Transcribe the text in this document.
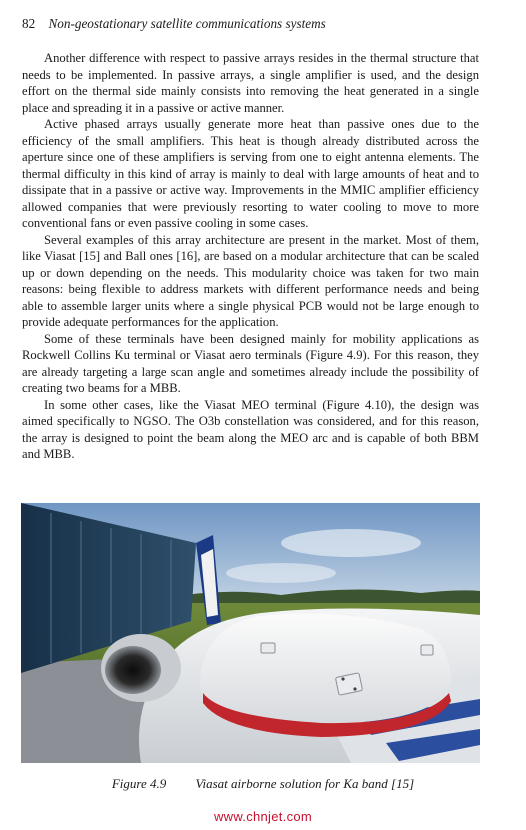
82 Non-geostationary satellite communications systems

Another difference with respect to passive arrays resides in the thermal structure that needs to be implemented. In passive arrays, a single amplifier is used, and the design effort on the thermal side mainly consists into removing the heat generated in a single place and spreading it in a passive or active manner.

Active phased arrays usually generate more heat than passive ones due to the efficiency of the small amplifiers. This heat is though already distributed across the aperture since one of these amplifiers is serving from one to eight antenna elements. The thermal difficulty in this kind of array is mainly to deal with large amounts of heat and to dissipate that in a passive or active way. Improvements in the MMIC amplifier efficiency allowed companies that were previously resorting to water cooling to move to more conventional fans or even passive cooling in some cases.

Several examples of this array architecture are present in the market. Most of them, like Viasat [15] and Ball ones [16], are based on a modular architecture that can be scaled up or down depending on the needs. This modularity choice was taken for two main reasons: being flexible to address markets with different performance needs and being able to assemble larger units where a single physical PCB would not be large enough to provide adequate performances for the application.

Some of these terminals have been designed mainly for mobility applications as Rockwell Collins Ku terminal or Viasat aero terminals (Figure 4.9). For this reason, they are already targeting a large scan angle and sometimes already include the possibility of creating two beams for a MBB.

In some other cases, like the Viasat MEO terminal (Figure 4.10), the design was aimed specifically to NGSO. The O3b constellation was considered, and for this reason, the array is designed to point the beam along the MEO arc and is capable of both BBM and MBB.

Figure 4.9 Viasat airborne solution for Ka band [15]
www.chnjet.com
